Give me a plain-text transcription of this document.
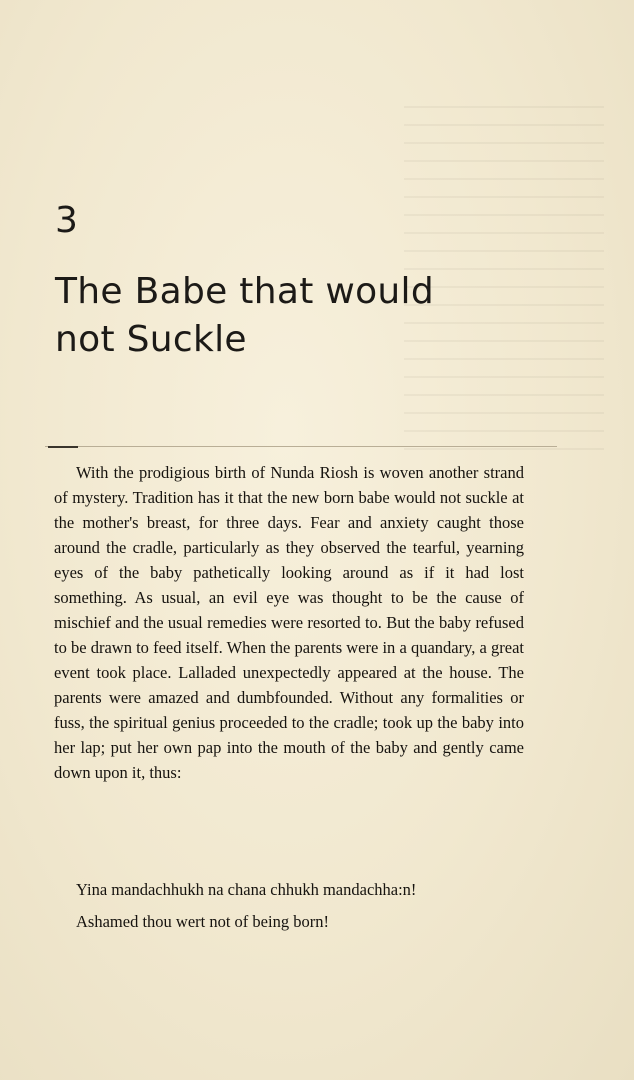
3
The Babe that would not Suckle

With the prodigious birth of Nunda Riosh is woven another strand of mystery. Tradition has it that the new born babe would not suckle at the mother's breast, for three days. Fear and anxiety caught those around the cradle, particularly as they observed the tearful, yearning eyes of the baby pathetically looking around as if it had lost something. As usual, an evil eye was thought to be the cause of mischief and the usual remedies were resorted to. But the baby refused to be drawn to feed itself. When the parents were in a quandary, a great event took place. Lalladed unexpectedly appeared at the house. The parents were amazed and dumbfounded. Without any formalities or fuss, the spiritual genius proceeded to the cradle; took up the baby into her lap; put her own pap into the mouth of the baby and gently came down upon it, thus:

Yina mandachhukh na chana chhukh mandachha:n!
Ashamed thou wert not of being born!
